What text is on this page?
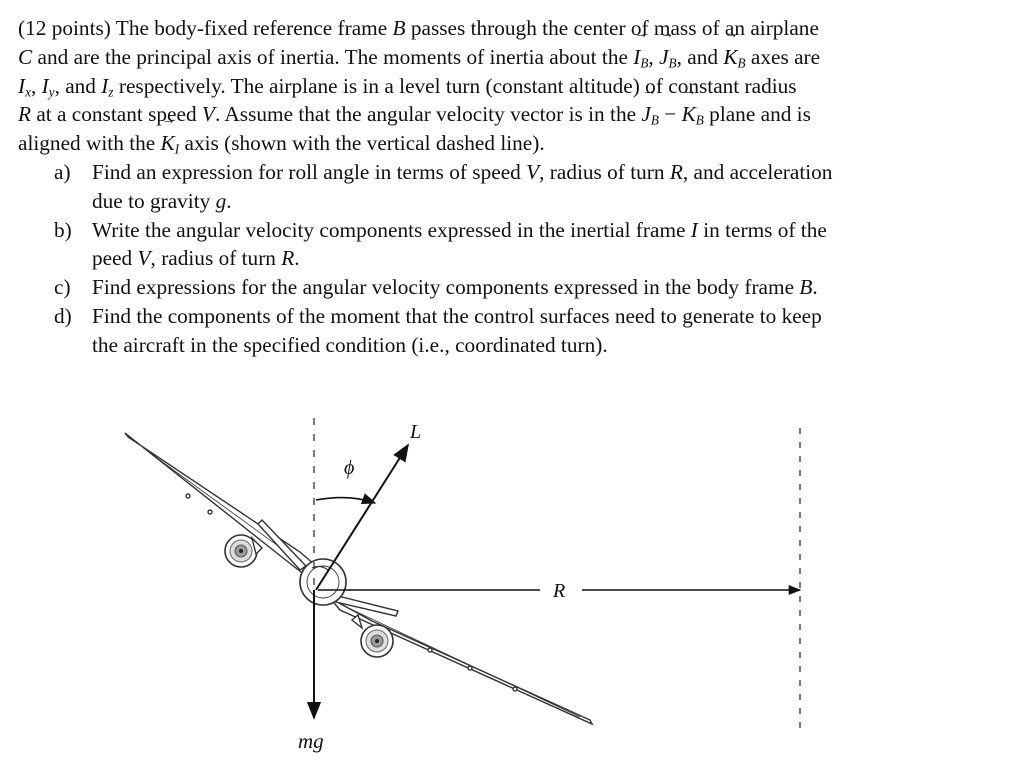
(12 points) The body-fixed reference frame B passes through the center of mass of an airplane
C and are the principal axis of inertia. The moments of inertia about the → $I_B$, → $J_B$, and → $K_B$ axes are
$I_x$, $I_y$, and $I_z$ respectively. The airplane is in a level turn (constant altitude) of constant radius
R at a constant speed V. Assume that the angular velocity vector is in the → $J_B$ − → $K_B$ plane and is
aligned with the → $K_I$ axis (shown with the vertical dashed line).

a) Find an expression for roll angle in terms of speed V, radius of turn R, and acceleration
due to gravity g.
b) Write the angular velocity components expressed in the inertial frame I in terms of the
peed V, radius of turn R.
c) Find expressions for the angular velocity components expressed in the body frame B.
d) Find the components of the moment that the control surfaces need to generate to keep
the aircraft in the specified condition (i.e., coordinated turn).
L
ϕ
R
mg
